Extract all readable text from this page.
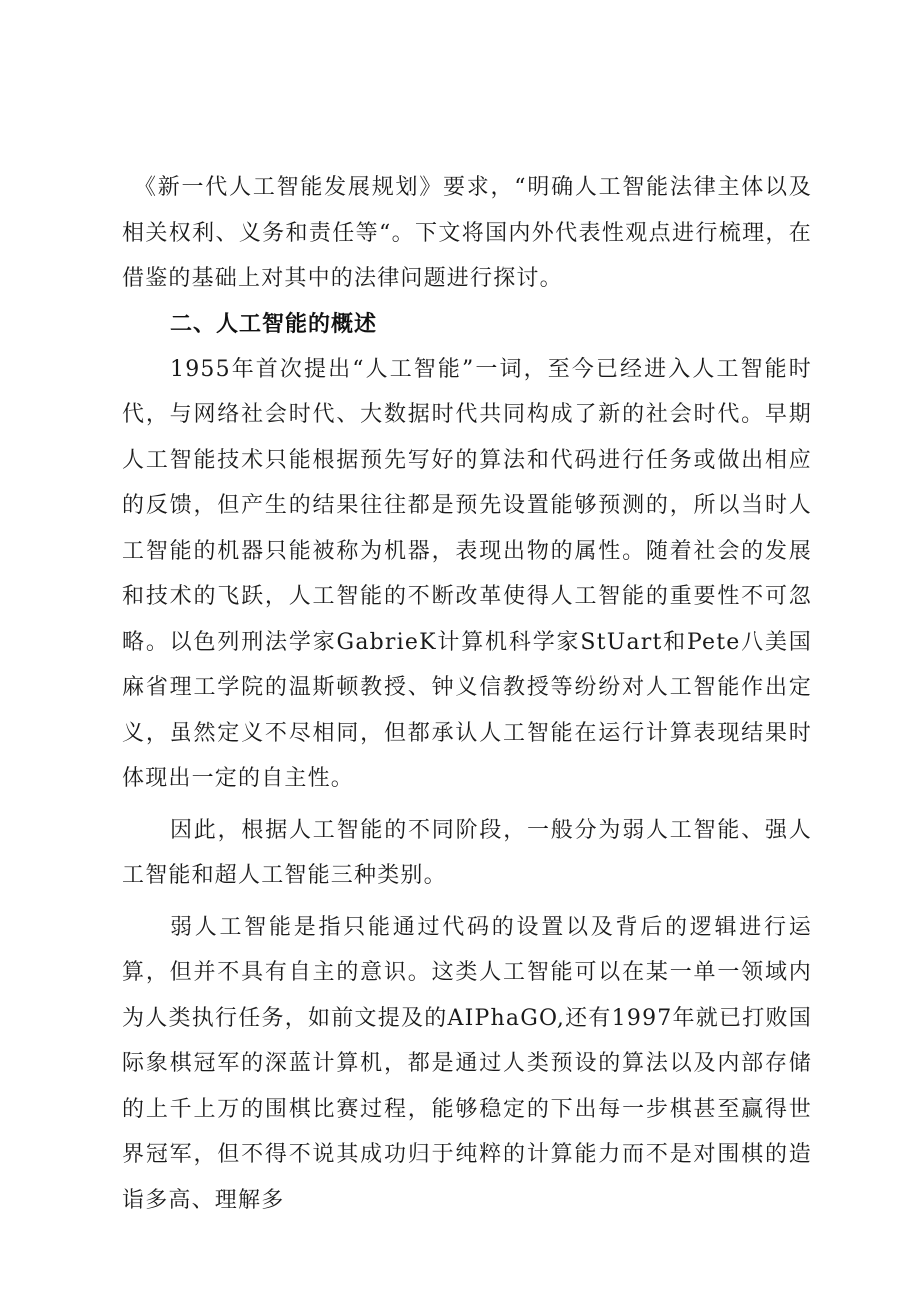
《新一代人工智能发展规划》要求，“明确人工智能法律主体以及相关权利、义务和责任等“。下文将国内外代表性观点进行梳理，在借鉴的基础上对其中的法律问题进行探讨。

二、人工智能的概述

1955年首次提出“人工智能”一词，至今已经进入人工智能时代，与网络社会时代、大数据时代共同构成了新的社会时代。早期人工智能技术只能根据预先写好的算法和代码进行任务或做出相应的反馈，但产生的结果往往都是预先设置能够预测的，所以当时人工智能的机器只能被称为机器，表现出物的属性。随着社会的发展和技术的飞跃，人工智能的不断改革使得人工智能的重要性不可忽略。以色列刑法学家GabrieK计算机科学家StUart和Pete八美国麻省理工学院的温斯顿教授、钟义信教授等纷纷对人工智能作出定义，虽然定义不尽相同，但都承认人工智能在运行计算表现结果时体现出一定的自主性。

因此，根据人工智能的不同阶段，一般分为弱人工智能、强人工智能和超人工智能三种类别。

弱人工智能是指只能通过代码的设置以及背后的逻辑进行运算，但并不具有自主的意识。这类人工智能可以在某一单一领域内为人类执行任务，如前文提及的AIPhaGO,还有1997年就已打败国际象棋冠军的深蓝计算机，都是通过人类预设的算法以及内部存储的上千上万的围棋比赛过程，能够稳定的下出每一步棋甚至赢得世界冠军，但不得不说其成功归于纯粹的计算能力而不是对围棋的造诣多高、理解多
